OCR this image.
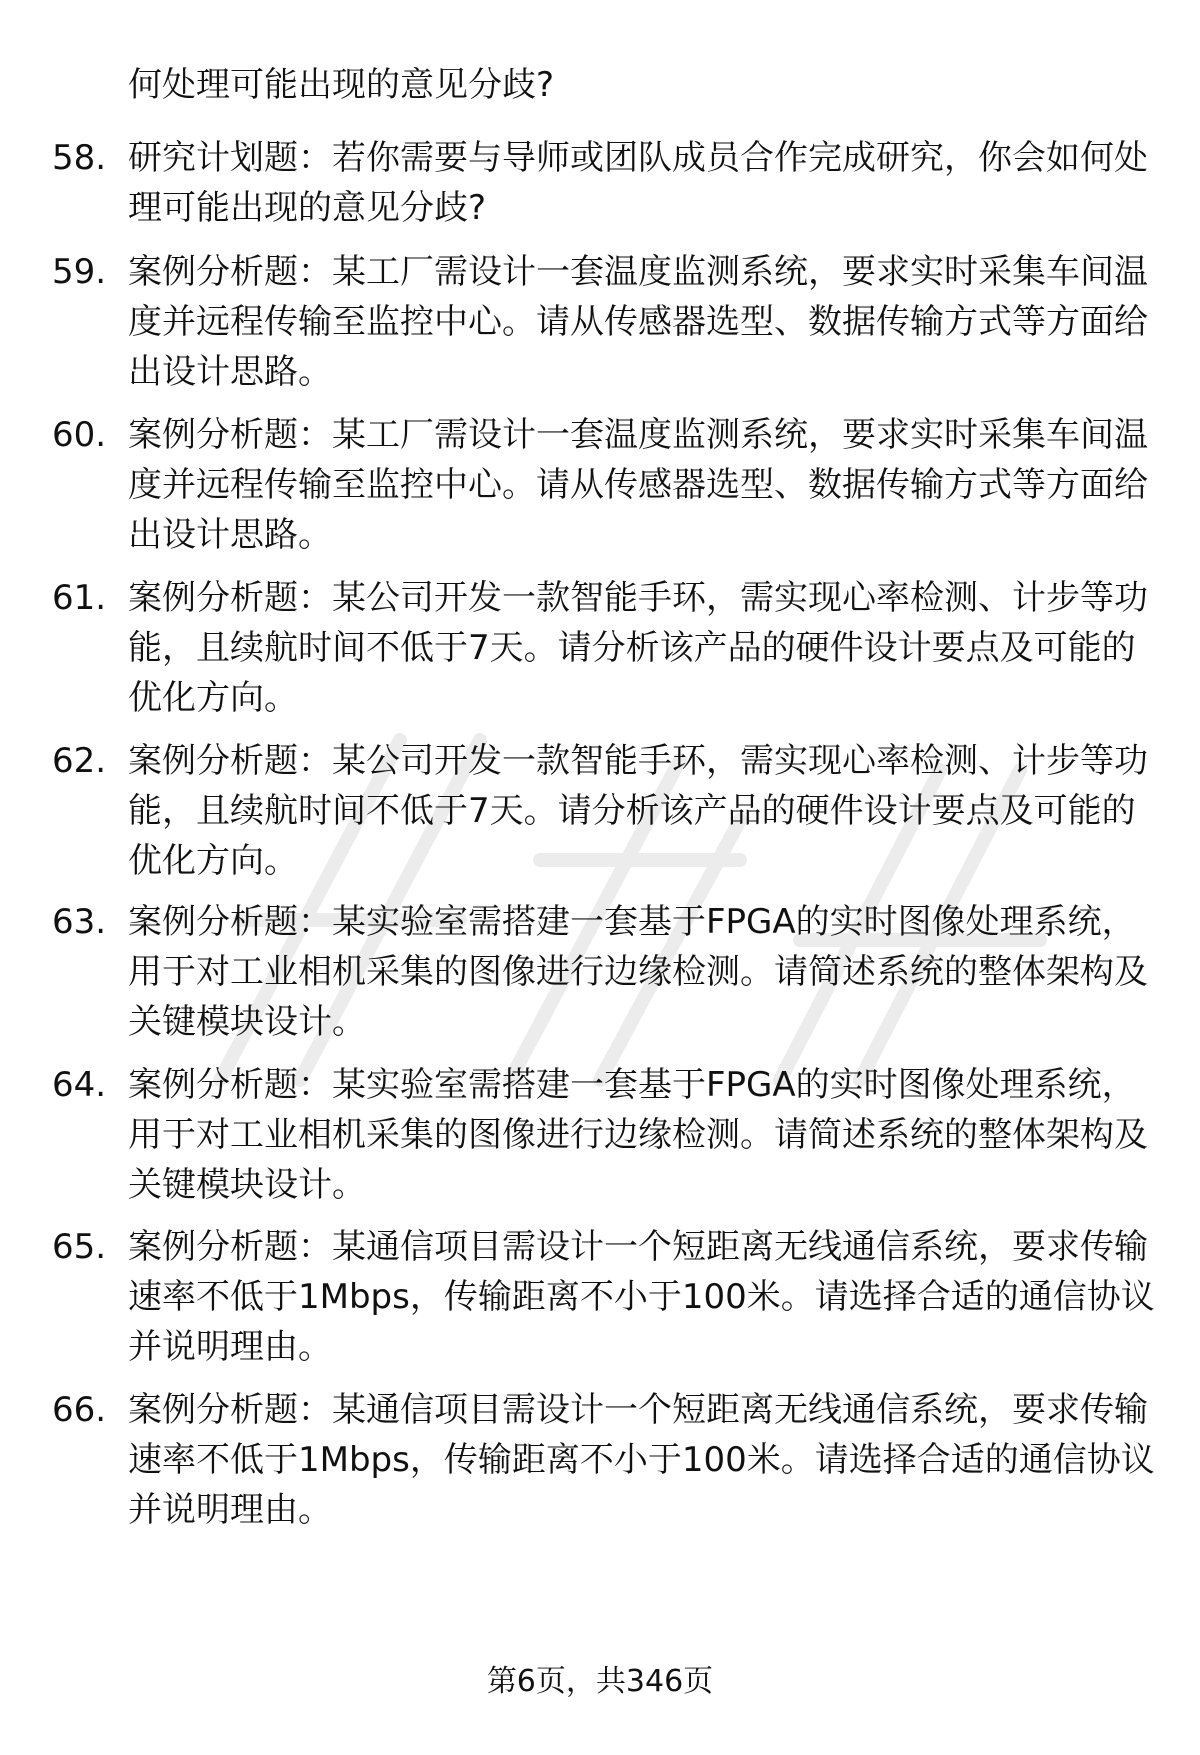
何处理可能出现的意见分歧?
58. 研究计划题：若你需要与导师或团队成员合作完成研究，你会如何处理可能出现的意见分歧?
59. 案例分析题：某工厂需设计一套温度监测系统，要求实时采集车间温度并远程传输至监控中心。请从传感器选型、数据传输方式等方面给出设计思路。
60. 案例分析题：某工厂需设计一套温度监测系统，要求实时采集车间温度并远程传输至监控中心。请从传感器选型、数据传输方式等方面给出设计思路。
61. 案例分析题：某公司开发一款智能手环，需实现心率检测、计步等功能，且续航时间不低于7天。请分析该产品的硬件设计要点及可能的优化方向。
62. 案例分析题：某公司开发一款智能手环，需实现心率检测、计步等功能，且续航时间不低于7天。请分析该产品的硬件设计要点及可能的优化方向。
63. 案例分析题：某实验室需搭建一套基于FPGA的实时图像处理系统，用于对工业相机采集的图像进行边缘检测。请简述系统的整体架构及关键模块设计。
64. 案例分析题：某实验室需搭建一套基于FPGA的实时图像处理系统，用于对工业相机采集的图像进行边缘检测。请简述系统的整体架构及关键模块设计。
65. 案例分析题：某通信项目需设计一个短距离无线通信系统，要求传输速率不低于1Mbps，传输距离不小于100米。请选择合适的通信协议并说明理由。
66. 案例分析题：某通信项目需设计一个短距离无线通信系统，要求传输速率不低于1Mbps，传输距离不小于100米。请选择合适的通信协议并说明理由。
第6页，共346页
